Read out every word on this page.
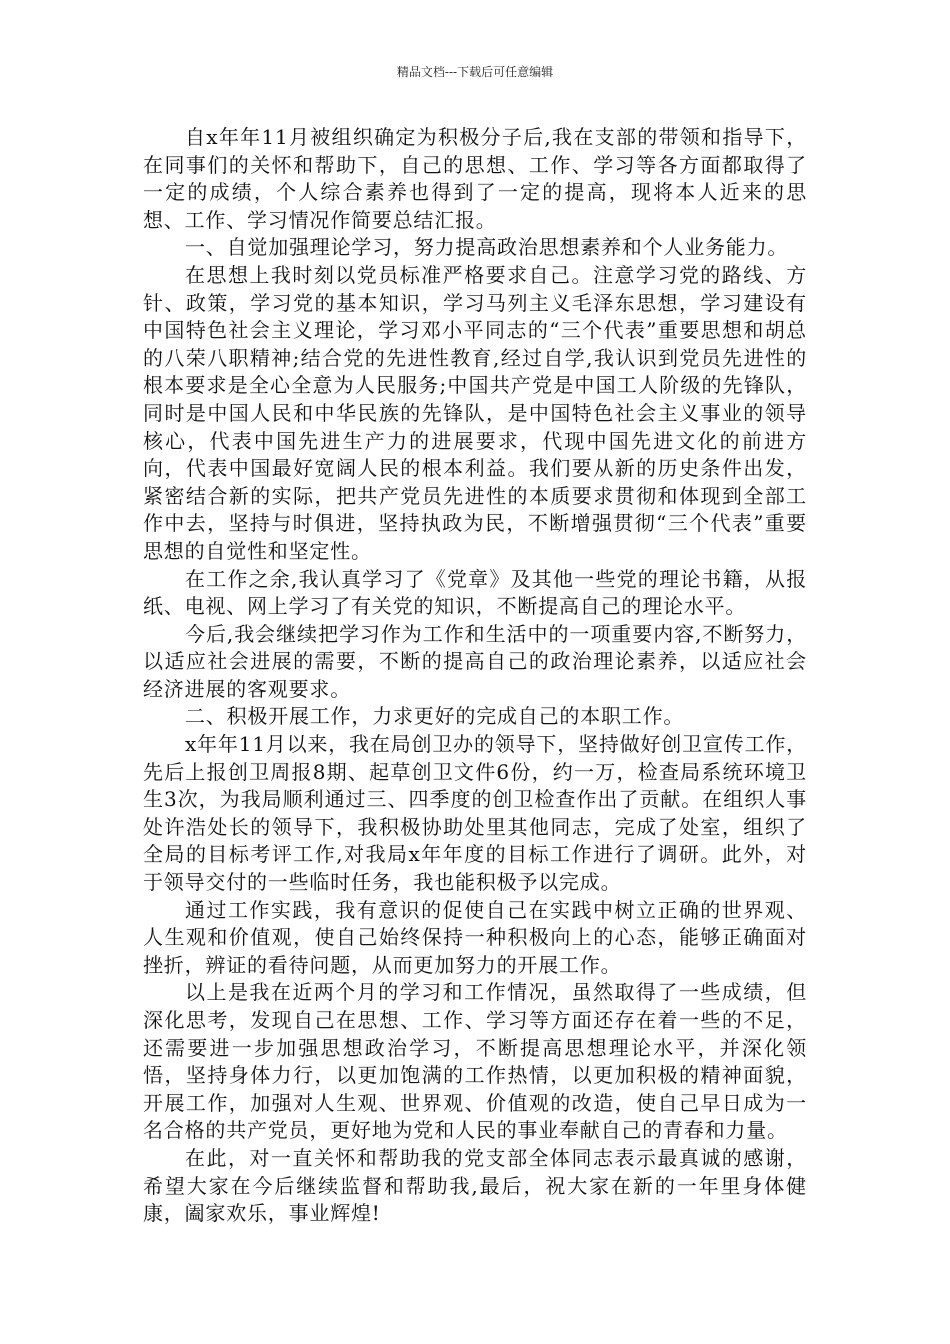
精品文档---下载后可任意编辑

自x年年11月被组织确定为积极分子后,我在支部的带领和指导下，在同事们的关怀和帮助下，自己的思想、工作、学习等各方面都取得了一定的成绩，个人综合素养也得到了一定的提高，现将本人近来的思想、工作、学习情况作简要总结汇报。

一、自觉加强理论学习，努力提高政治思想素养和个人业务能力。

在思想上我时刻以党员标准严格要求自己。注意学习党的路线、方针、政策，学习党的基本知识，学习马列主义毛泽东思想，学习建设有中国特色社会主义理论，学习邓小平同志的“三个代表”重要思想和胡总的八荣八职精神;结合党的先进性教育,经过自学,我认识到党员先进性的根本要求是全心全意为人民服务;中国共产党是中国工人阶级的先锋队，同时是中国人民和中华民族的先锋队，是中国特色社会主义事业的领导核心，代表中国先进生产力的进展要求，代现中国先进文化的前进方向，代表中国最好宽阔人民的根本利益。我们要从新的历史条件出发，紧密结合新的实际，把共产党员先进性的本质要求贯彻和体现到全部工作中去，坚持与时俱进，坚持执政为民，不断增强贯彻“三个代表”重要思想的自觉性和坚定性。

在工作之余,我认真学习了《党章》及其他一些党的理论书籍，从报纸、电视、网上学习了有关党的知识，不断提高自己的理论水平。

今后,我会继续把学习作为工作和生活中的一项重要内容,不断努力，以适应社会进展的需要，不断的提高自己的政治理论素养，以适应社会经济进展的客观要求。

二、积极开展工作，力求更好的完成自己的本职工作。

x年年11月以来，我在局创卫办的领导下，坚持做好创卫宣传工作，先后上报创卫周报8期、起草创卫文件6份，约一万，检查局系统环境卫生3次，为我局顺利通过三、四季度的创卫检查作出了贡献。在组织人事处许浩处长的领导下，我积极协助处里其他同志，完成了处室，组织了全局的目标考评工作,对我局x年年度的目标工作进行了调研。此外，对于领导交付的一些临时任务，我也能积极予以完成。

通过工作实践，我有意识的促使自己在实践中树立正确的世界观、人生观和价值观，使自己始终保持一种积极向上的心态，能够正确面对挫折，辨证的看待问题，从而更加努力的开展工作。

以上是我在近两个月的学习和工作情况，虽然取得了一些成绩，但深化思考，发现自己在思想、工作、学习等方面还存在着一些的不足，还需要进一步加强思想政治学习，不断提高思想理论水平，并深化领悟，坚持身体力行，以更加饱满的工作热情，以更加积极的精神面貌，开展工作，加强对人生观、世界观、价值观的改造，使自己早日成为一名合格的共产党员，更好地为党和人民的事业奉献自己的青春和力量。

在此，对一直关怀和帮助我的党支部全体同志表示最真诚的感谢，希望大家在今后继续监督和帮助我,最后，祝大家在新的一年里身体健康，阖家欢乐，事业辉煌!
